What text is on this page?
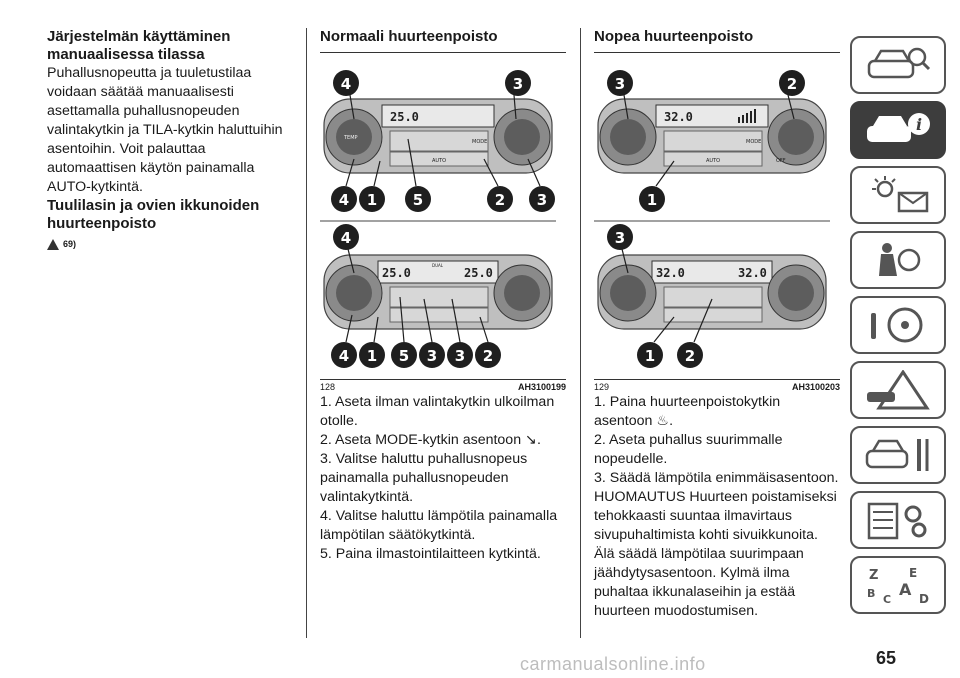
Järjestelmän käyttäminen manuaalisessa tilassa

Puhallusnopeutta ja tuuletustilaa voidaan säätää manuaalisesti asettamalla puhallusnopeuden valintakytkin ja TILA-kytkin haluttuihin asentoihin. Voit palauttaa automaattisen käytön painamalla AUTO-kytkintä.

Tuulilasin ja ovien ikkunoiden huurteenpoisto
69)
Normaali huurteenpoisto
25.0
TEMP
MODE
AUTO
4	3
4 1 5	2 3
25.0	25.0
DUAL
4
4 1 5 3 3 2
128	AH3100199

1. Aseta ilman valintakytkin ulkoilman otolle.

2. Aseta MODE-kytkin asentoon ↘.

3. Valitse haluttu puhallusnopeus painamalla puhallusnopeuden valintakytkintä.

4. Valitse haluttu lämpötila painamalla lämpötilan säätökytkintä.

5. Paina ilmastointilaitteen kytkintä.

Nopea huurteenpoisto
32.0
MODE
AUTO	OFF
3	2
1
32.0	32.0
3
1 2
129	AH3100203

1. Paina huurteenpoistokytkin asentoon ♨.

2. Aseta puhallus suurimmalle nopeudelle.

3. Säädä lämpötila enimmäisasentoon.

HUOMAUTUS Huurteen poistamiseksi tehokkaasti suuntaa ilmavirtaus sivupuhaltimista kohti sivuikkunoita. Älä säädä lämpötilaa suurimpaan jäähdytysasentoon. Kylmä ilma puhaltaa ikkunalaseihin ja estää huurteen muodostumisen.

i
Z	E
B A
C D
65
carmanualsonline.info
